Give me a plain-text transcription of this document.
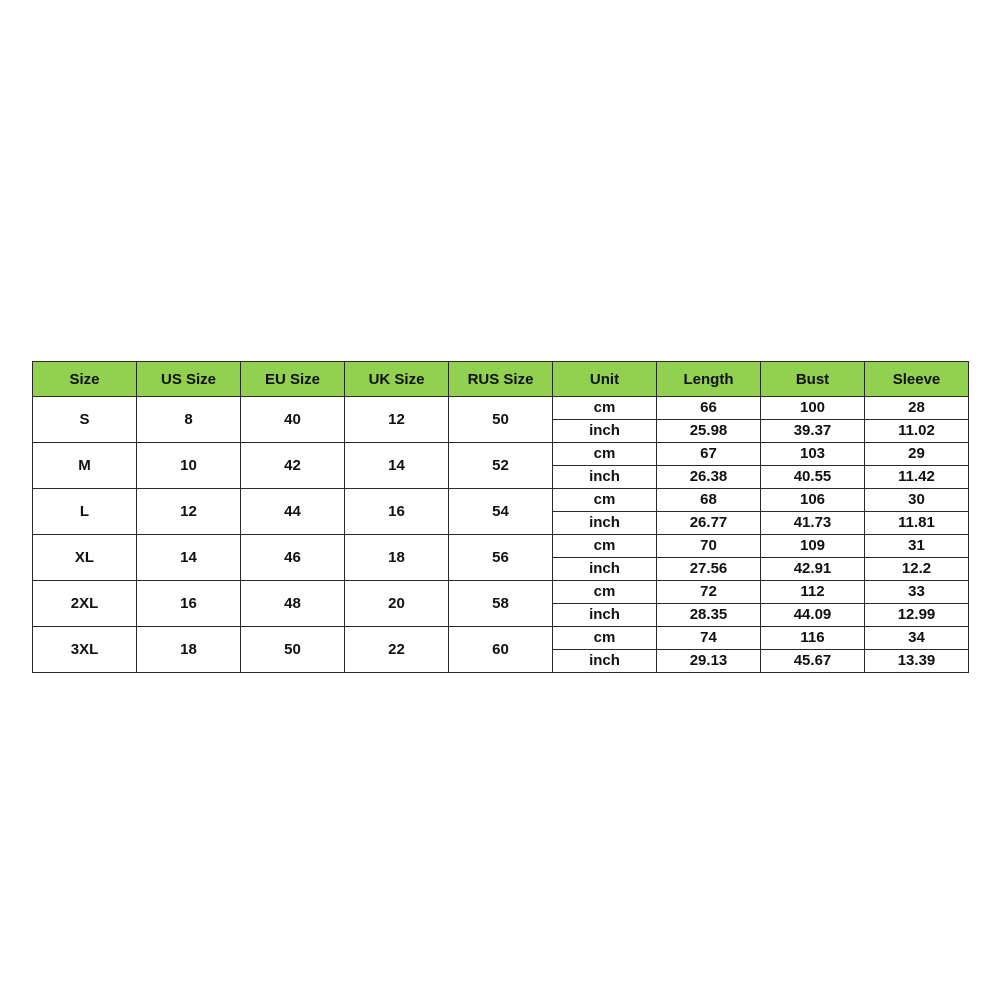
Size	US Size	EU Size	UK Size	RUS Size	Unit	Length	Bust	Sleeve
S	8	40	12	50	cm	66	100	28
					inch	25.98	39.37	11.02
M	10	42	14	52	cm	67	103	29
					inch	26.38	40.55	11.42
L	12	44	16	54	cm	68	106	30
					inch	26.77	41.73	11.81
XL	14	46	18	56	cm	70	109	31
					inch	27.56	42.91	12.2
2XL	16	48	20	58	cm	72	112	33
					inch	28.35	44.09	12.99
3XL	18	50	22	60	cm	74	116	34
					inch	29.13	45.67	13.39
